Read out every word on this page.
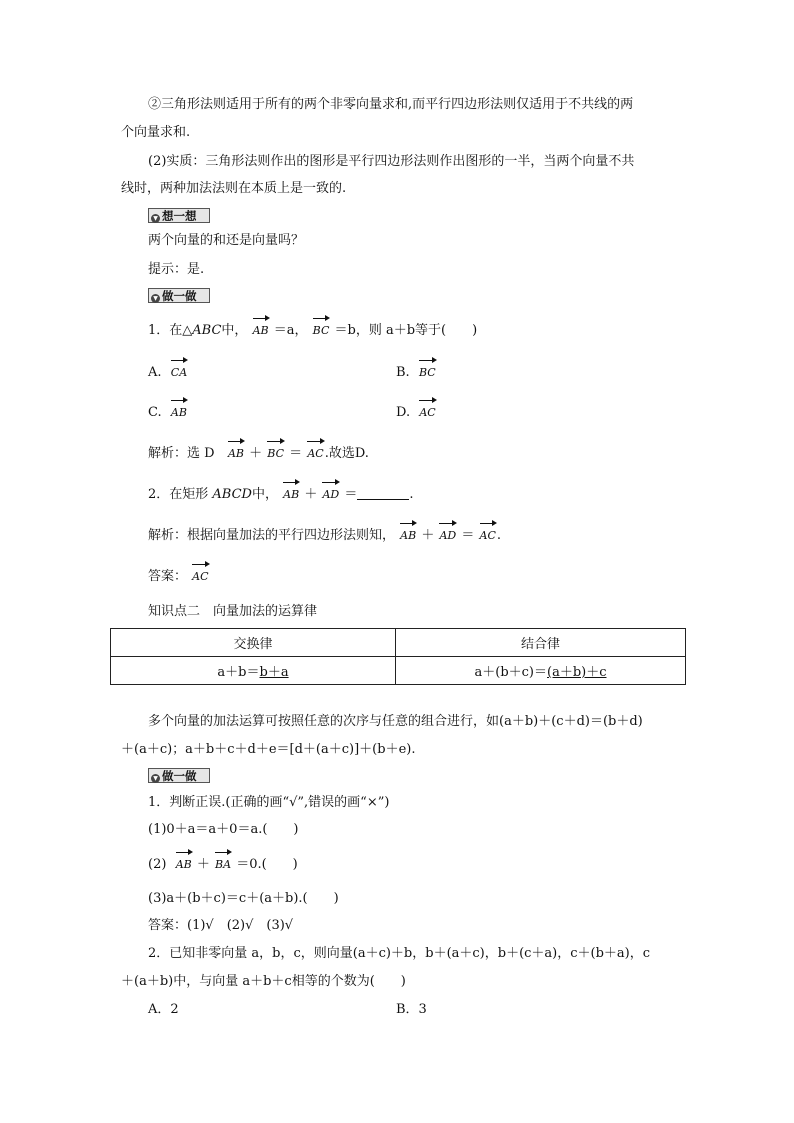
②三角形法则适用于所有的两个非零向量求和,而平行四边形法则仅适用于不共线的两
个向量求和.
(2)实质：三角形法则作出的图形是平行四边形法则作出图形的一半，当两个向量不共
线时，两种加法法则在本质上是一致的.
▼ 想一想
两个向量的和还是向量吗？
提示：是.
▼ 做一做
1．在△ABC中， AB ＝a， BC ＝b，则 a＋b等于(　　)
A. CA	B. BC
C. AB	D. AC
解析：选 D AB ＋ BC ＝ AC.故选D.
2．在矩形 ABCD中， AB ＋ AD ＝	.
解析：根据向量加法的平行四边形法则知， AB ＋ AD ＝ AC.
答案： AC
知识点二　向量加法的运算律
交换律	结合律
a＋b＝b＋a	a＋(b＋c)＝(a＋b)＋c
多个向量的加法运算可按照任意的次序与任意的组合进行，如(a＋b)＋(c＋d)＝(b＋d)
＋(a＋c)；a＋b＋c＋d＋e＝[d＋(a＋c)]＋(b＋e).
▼ 做一做
1．判断正误.(正确的画“√”,错误的画“×”)
(1)0＋a＝a＋0＝a.(　　)
(2) AB ＋ BA ＝0.(　　)
(3)a＋(b＋c)＝c＋(a＋b).(　　)
答案：(1)√　(2)√　(3)√
2．已知非零向量 a，b，c，则向量(a＋c)＋b，b＋(a＋c)，b＋(c＋a)，c＋(b＋a)，c
＋(a＋b)中，与向量 a＋b＋c相等的个数为(　　)
A．2	B．3
